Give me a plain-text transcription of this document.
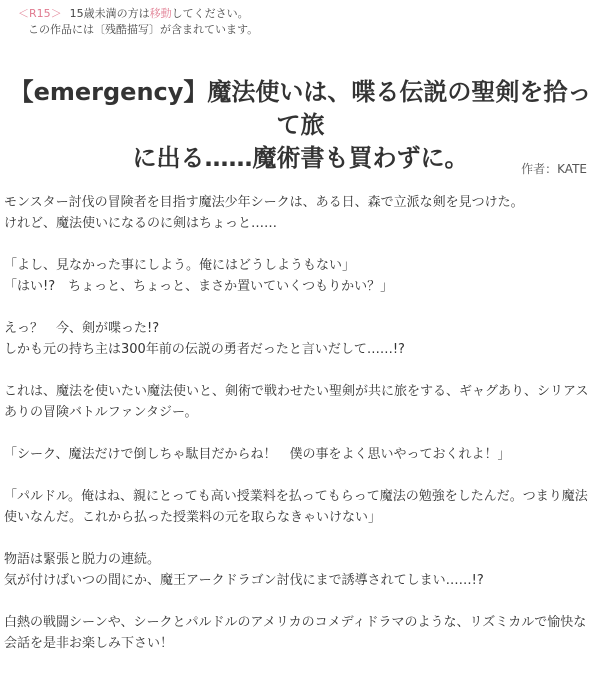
＜R15＞ 15歳未満の方は移動してください。
この作品には〔残酷描写〕が含まれています。
【emergency】魔法使いは、喋る伝説の聖剣を拾って旅
に出る……魔術書も買わずに。	作者：KATE

モンスター討伐の冒険者を目指す魔法少年シークは、ある日、森で立派な剣を見つけた。
けれど、魔法使いになるのに剣はちょっと……

「よし、見なかった事にしよう。俺にはどうしようもない」
「はい!?　ちょっと、ちょっと、まさか置いていくつもりかい？」

えっ？　今、剣が喋った!?
しかも元の持ち主は300年前の伝説の勇者だったと言いだして……!?

これは、魔法を使いたい魔法使いと、剣術で戦わせたい聖剣が共に旅をする、ギャグあり、シリアスありの冒険バトルファンタジー。

「シーク、魔法だけで倒しちゃ駄目だからね！　僕の事をよく思いやっておくれよ！」

「パルドル。俺はね、親にとっても高い授業料を払ってもらって魔法の勉強をしたんだ。つまり魔法使いなんだ。これから払った授業料の元を取らなきゃいけない」

物語は緊張と脱力の連続。
気が付けばいつの間にか、魔王アークドラゴン討伐にまで誘導されてしまい……!?

白熱の戦闘シーンや、シークとパルドルのアメリカのコメディドラマのような、リズミカルで愉快な会話を是非お楽しみ下さい！
